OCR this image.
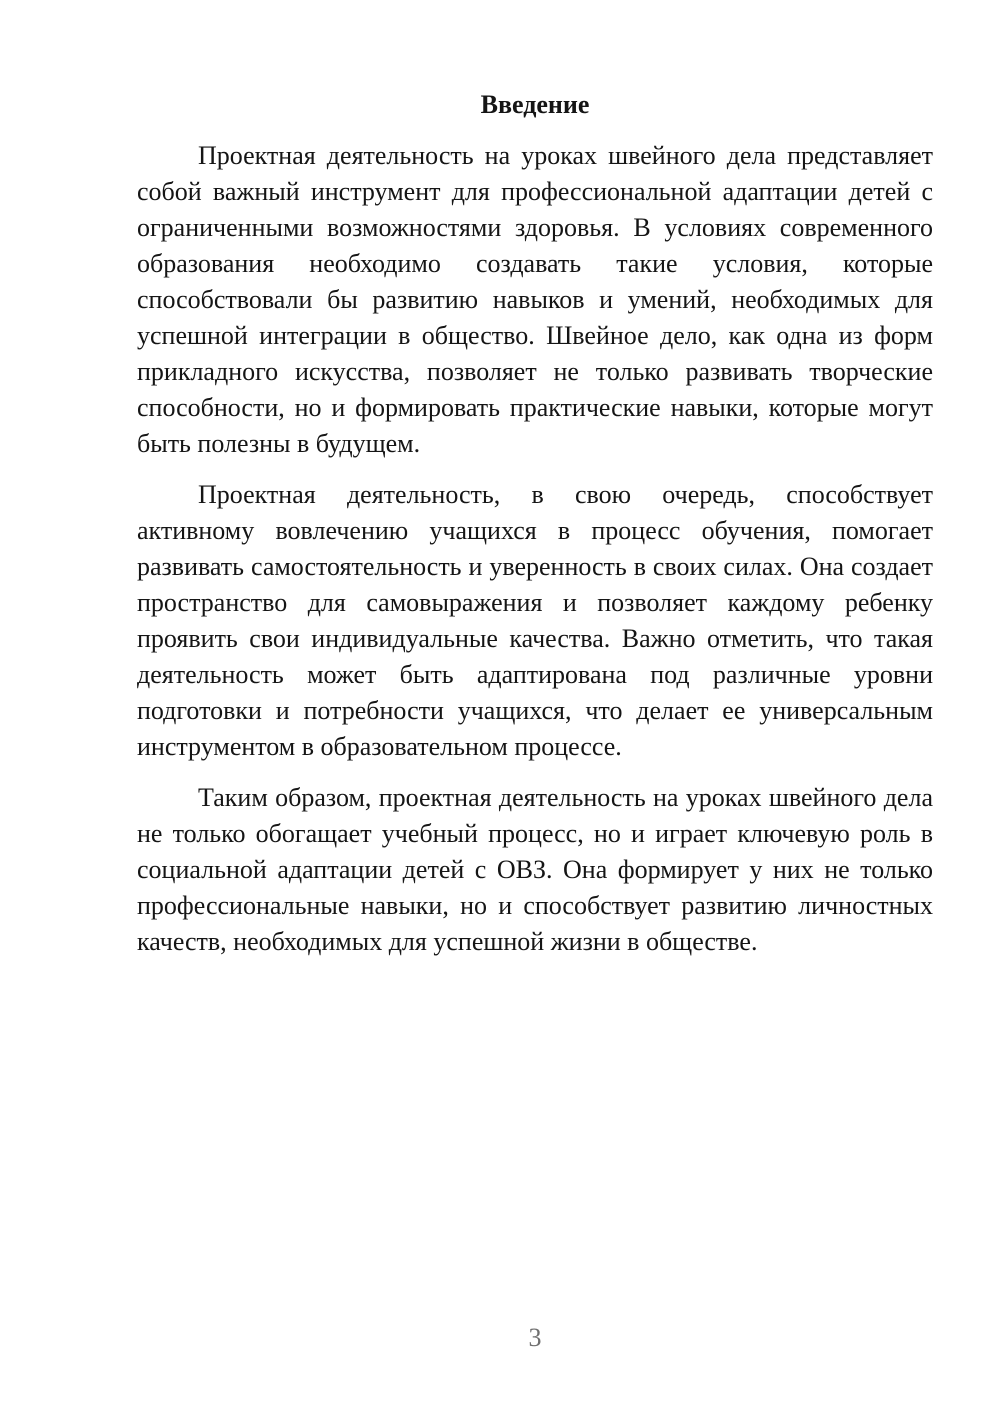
Введение

Проектная деятельность на уроках швейного дела представляет собой важный инструмент для профессиональной адаптации детей с ограниченными возможностями здоровья. В условиях современного образования необходимо создавать такие условия, которые способствовали бы развитию навыков и умений, необходимых для успешной интеграции в общество. Швейное дело, как одна из форм прикладного искусства, позволяет не только развивать творческие способности, но и формировать практические навыки, которые могут быть полезны в будущем.

Проектная деятельность, в свою очередь, способствует активному вовлечению учащихся в процесс обучения, помогает развивать самостоятельность и уверенность в своих силах. Она создает пространство для самовыражения и позволяет каждому ребенку проявить свои индивидуальные качества. Важно отметить, что такая деятельность может быть адаптирована под различные уровни подготовки и потребности учащихся, что делает ее универсальным инструментом в образовательном процессе.

Таким образом, проектная деятельность на уроках швейного дела не только обогащает учебный процесс, но и играет ключевую роль в социальной адаптации детей с ОВЗ. Она формирует у них не только профессиональные навыки, но и способствует развитию личностных качеств, необходимых для успешной жизни в обществе.

3
